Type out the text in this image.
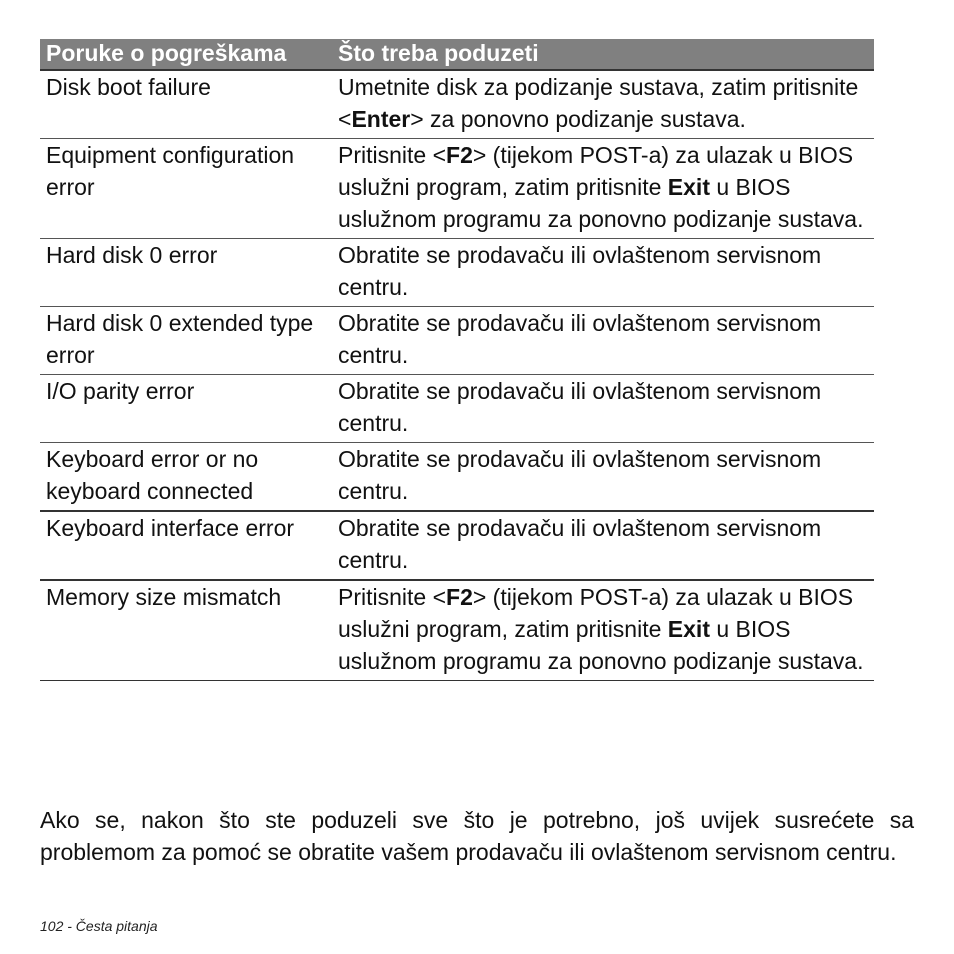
Poruke o pogreškama	Što treba poduzeti
Disk boot failure	Umetnite disk za podizanje sustava, zatim pritisnite <Enter> za ponovno podizanje sustava.
Equipment configuration error	Pritisnite <F2> (tijekom POST-a) za ulazak u BIOS uslužni program, zatim pritisnite Exit u BIOS uslužnom programu za ponovno podizanje sustava.
Hard disk 0 error	Obratite se prodavaču ili ovlaštenom servisnom centru.
Hard disk 0 extended type error	Obratite se prodavaču ili ovlaštenom servisnom centru.
I/O parity error	Obratite se prodavaču ili ovlaštenom servisnom centru.
Keyboard error or no keyboard connected	Obratite se prodavaču ili ovlaštenom servisnom centru.
Keyboard interface error	Obratite se prodavaču ili ovlaštenom servisnom centru.
Memory size mismatch	Pritisnite <F2> (tijekom POST-a) za ulazak u BIOS uslužni program, zatim pritisnite Exit u BIOS uslužnom programu za ponovno podizanje sustava.

Ako se, nakon što ste poduzeli sve što je potrebno, još uvijek susrećete sa problemom za pomoć se obratite vašem prodavaču ili ovlaštenom servisnom centru.

102 - Česta pitanja
